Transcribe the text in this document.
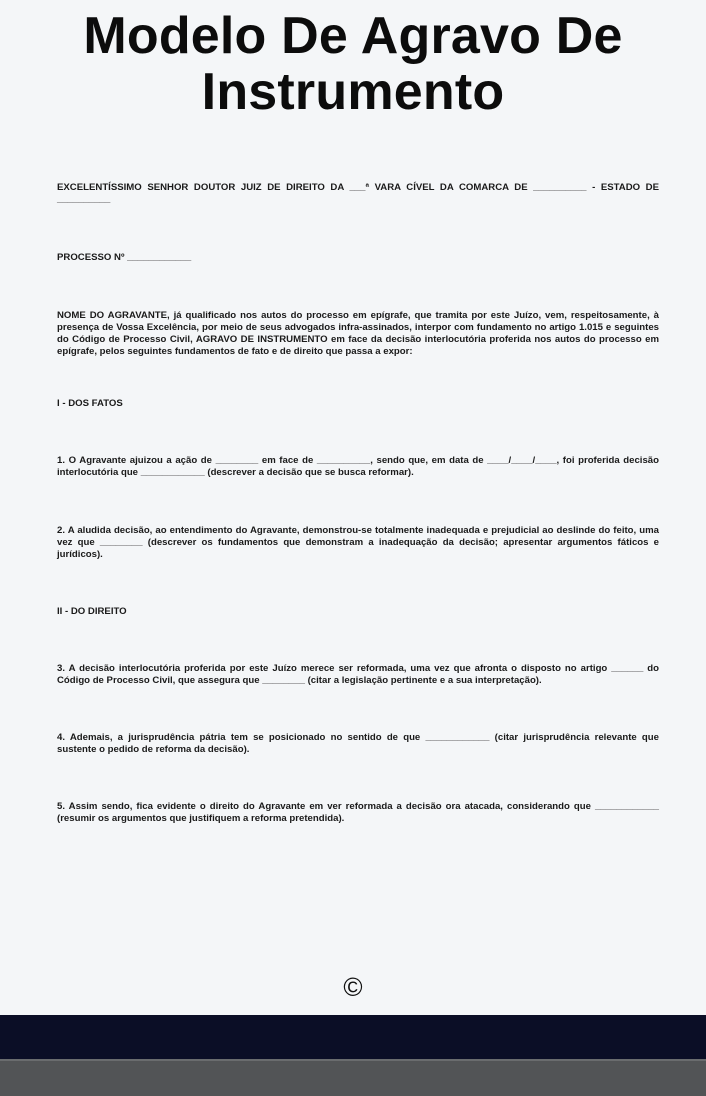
Modelo De Agravo De
Instrumento

EXCELENTÍSSIMO SENHOR DOUTOR JUIZ DE DIREITO DA ___ª VARA CÍVEL DA COMARCA DE __________ - ESTADO DE __________

PROCESSO Nº ____________

NOME DO AGRAVANTE, já qualificado nos autos do processo em epígrafe, que tramita por este Juízo, vem, respeitosamente, à presença de Vossa Excelência, por meio de seus advogados infra-assinados, interpor com fundamento no artigo 1.015 e seguintes do Código de Processo Civil, AGRAVO DE INSTRUMENTO em face da decisão interlocutória proferida nos autos do processo em epígrafe, pelos seguintes fundamentos de fato e de direito que passa a expor:

I - DOS FATOS

1. O Agravante ajuizou a ação de ________ em face de __________, sendo que, em data de ____/____/____, foi proferida decisão interlocutória que ____________ (descrever a decisão que se busca reformar).

2. A aludida decisão, ao entendimento do Agravante, demonstrou-se totalmente inadequada e prejudicial ao deslinde do feito, uma vez que ________ (descrever os fundamentos que demonstram a inadequação da decisão; apresentar argumentos fáticos e jurídicos).

II - DO DIREITO

3. A decisão interlocutória proferida por este Juízo merece ser reformada, uma vez que afronta o disposto no artigo ______ do Código de Processo Civil, que assegura que ________ (citar a legislação pertinente e a sua interpretação).

4. Ademais, a jurisprudência pátria tem se posicionado no sentido de que ____________ (citar jurisprudência relevante que sustente o pedido de reforma da decisão).

5. Assim sendo, fica evidente o direito do Agravante em ver reformada a decisão ora atacada, considerando que ____________ (resumir os argumentos que justifiquem a reforma pretendida).

©
